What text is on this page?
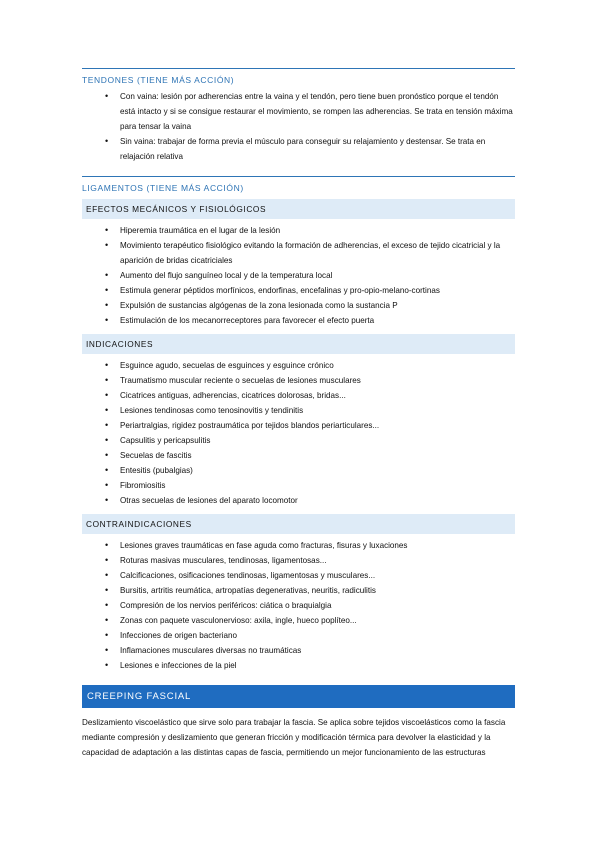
TENDONES (TIENE MÁS ACCIÓN)
• Con vaina: lesión por adherencias entre la vaina y el tendón, pero tiene buen pronóstico porque el tendón está intacto y si se consigue restaurar el movimiento, se rompen las adherencias. Se trata en tensión máxima para tensar la vaina
• Sin vaina: trabajar de forma previa el músculo para conseguir su relajamiento y destensar. Se trata en relajación relativa
LIGAMENTOS (TIENE MÁS ACCIÓN)
EFECTOS MECÁNICOS Y FISIOLÓGICOS
• Hiperemia traumática en el lugar de la lesión
• Movimiento terapéutico fisiológico evitando la formación de adherencias, el exceso de tejido cicatricial y la aparición de bridas cicatriciales
• Aumento del flujo sanguíneo local y de la temperatura local
• Estimula generar péptidos morfínicos, endorfinas, encefalinas y pro-opio-melano-cortinas
• Expulsión de sustancias algógenas de la zona lesionada como la sustancia P
• Estimulación de los mecanorreceptores para favorecer el efecto puerta
INDICACIONES
• Esguince agudo, secuelas de esguinces y esguince crónico
• Traumatismo muscular reciente o secuelas de lesiones musculares
• Cicatrices antiguas, adherencias, cicatrices dolorosas, bridas...
• Lesiones tendinosas como tenosinovitis y tendinitis
• Periartralgias, rigidez postraumática por tejidos blandos periarticulares...
• Capsulitis y pericapsulitis
• Secuelas de fascitis
• Entesitis (pubalgias)
• Fibromiositis
• Otras secuelas de lesiones del aparato locomotor
CONTRAINDICACIONES
• Lesiones graves traumáticas en fase aguda como fracturas, fisuras y luxaciones
• Roturas masivas musculares, tendinosas, ligamentosas...
• Calcificaciones, osificaciones tendinosas, ligamentosas y musculares...
• Bursitis, artritis reumática, artropatías degenerativas, neuritis, radiculitis
• Compresión de los nervios periféricos: ciática o braquialgia
• Zonas con paquete vasculonervioso: axila, ingle, hueco poplíteo...
• Infecciones de origen bacteriano
• Inflamaciones musculares diversas no traumáticas
• Lesiones e infecciones de la piel
CREEPING FASCIAL
Deslizamiento viscoelástico que sirve solo para trabajar la fascia. Se aplica sobre tejidos viscoelásticos como la fascia mediante compresión y deslizamiento que generan fricción y modificación térmica para devolver la elasticidad y la capacidad de adaptación a las distintas capas de fascia, permitiendo un mejor funcionamiento de las estructuras
